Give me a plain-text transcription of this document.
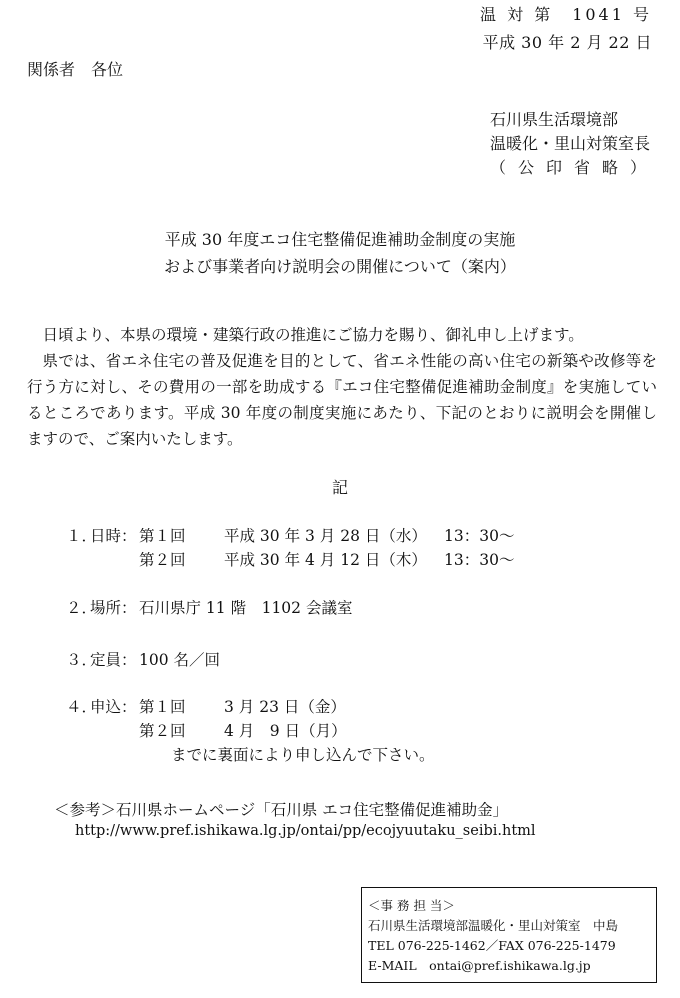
温 対 第　1041 号
平成 30 年 2 月 22 日
関係者　各位
石川県生活環境部
温暖化・里山対策室長
（公印省略）
平成 30 年度エコ住宅整備促進補助金制度の実施
および事業者向け説明会の開催について（案内）

日頃より、本県の環境・建築行政の推進にご協力を賜り、御礼申し上げます。

県では、省エネ住宅の普及促進を目的として、省エネ性能の高い住宅の新築や改修等を行う方に対し、その費用の一部を助成する『エコ住宅整備促進補助金制度』を実施しているところであります。平成 30 年度の制度実施にあたり、下記のとおりに説明会を開催しますので、ご案内いたします。

記
１．
日時： 第１回 平成 30 年 3 月 28 日（水） 13：30～
第２回 平成 30 年 4 月 12 日（木） 13：30～
２．
場所： 石川県庁 11 階　1102 会議室
３．
定員： 100 名／回
４．
申込： 第１回 3 月 23 日（金）
第２回 4 月　9 日（月）
までに裏面により申し込んで下さい。
＜参考＞石川県ホームページ「石川県 エコ住宅整備促進補助金」
http://www.pref.ishikawa.lg.jp/ontai/pp/ecojyuutaku_seibi.html
＜事 務 担 当＞
石川県生活環境部温暖化・里山対策室　中島
TEL 076-225-1462／FAX 076-225-1479
E-MAIL　ontai@pref.ishikawa.lg.jp
